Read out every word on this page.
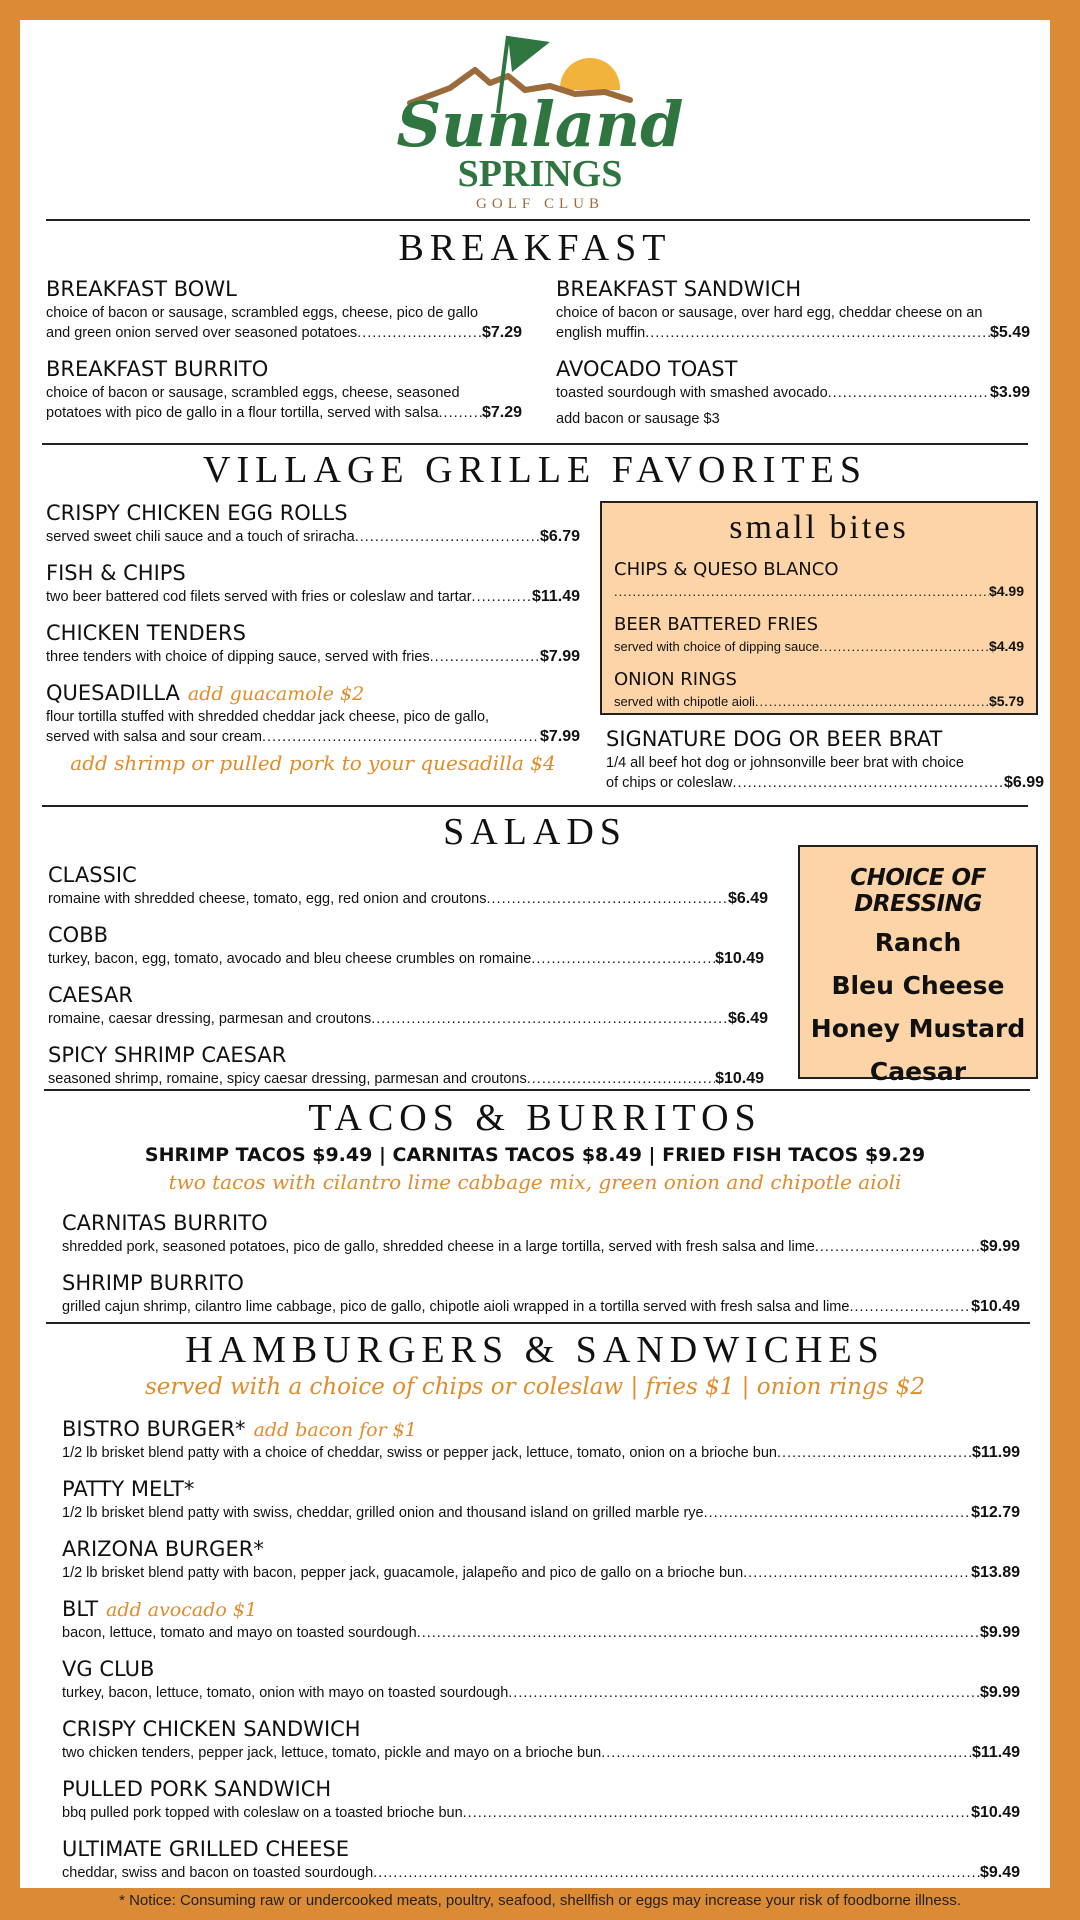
Sunland
SPRINGS
GOLF CLUB
BREAKFAST
BREAKFAST BOWL
choice of bacon or sausage, scrambled eggs, cheese, pico de gallo
and green onion served over seasoned potatoes .....	$7.29
BREAKFAST BURRITO
choice of bacon or sausage, scrambled eggs, cheese, seasoned
potatoes with pico de gallo in a flour tortilla, served with salsa .....	$7.29
BREAKFAST SANDWICH
choice of bacon or sausage, over hard egg, cheddar cheese on an
english muffin .....	$5.49
AVOCADO TOAST
toasted sourdough with smashed avocado .....	$3.99
add bacon or sausage $3
VILLAGE GRILLE FAVORITES
CRISPY CHICKEN EGG ROLLS
served sweet chili sauce and a touch of sriracha .....	$6.79
FISH & CHIPS
two beer battered cod filets served with fries or coleslaw and tartar .....	$11.49
CHICKEN TENDERS
three tenders with choice of dipping sauce, served with fries .....	$7.99
QUESADILLA add guacamole $2
flour tortilla stuffed with shredded cheddar jack cheese, pico de gallo,
served with salsa and sour cream .....	$7.99
add shrimp or pulled pork to your quesadilla $4
small bites
CHIPS & QUESO BLANCO
.....
$4.99
BEER BATTERED FRIES
served with choice of dipping sauce .....	$4.49
ONION RINGS
served with chipotle aioli .....	$5.79
SIGNATURE DOG OR BEER BRAT
1/4 all beef hot dog or johnsonville beer brat with choice
of chips or coleslaw .....	$6.99
SALADS
CLASSIC
romaine with shredded cheese, tomato, egg, red onion and croutons .....	$6.49
COBB
turkey, bacon, egg, tomato, avocado and bleu cheese crumbles on romaine .....	$10.49
CAESAR
romaine, caesar dressing, parmesan and croutons .....	$6.49
SPICY SHRIMP CAESAR
seasoned shrimp, romaine, spicy caesar dressing, parmesan and croutons .....	$10.49
CHOICE OF DRESSING
Ranch
Bleu Cheese
Honey Mustard
Caesar
TACOS & BURRITOS
SHRIMP TACOS $9.49 | CARNITAS TACOS $8.49 | FRIED FISH TACOS $9.29
two tacos with cilantro lime cabbage mix, green onion and chipotle aioli
CARNITAS BURRITO
shredded pork, seasoned potatoes, pico de gallo, shredded cheese in a large tortilla, served with fresh salsa and lime .....	$9.99
SHRIMP BURRITO
grilled cajun shrimp, cilantro lime cabbage, pico de gallo, chipotle aioli wrapped in a tortilla served with fresh salsa and lime .....	$10.49
HAMBURGERS & SANDWICHES
served with a choice of chips or coleslaw | fries $1 | onion rings $2
BISTRO BURGER* add bacon for $1
1/2 lb brisket blend patty with a choice of cheddar, swiss or pepper jack, lettuce, tomato, onion on a brioche bun .....	$11.99
PATTY MELT*
1/2 lb brisket blend patty with swiss, cheddar, grilled onion and thousand island on grilled marble rye .....	$12.79
ARIZONA BURGER*
1/2 lb brisket blend patty with bacon, pepper jack, guacamole, jalapeño and pico de gallo on a brioche bun .....	$13.89
BLT add avocado $1
bacon, lettuce, tomato and mayo on toasted sourdough .....	$9.99
VG CLUB
turkey, bacon, lettuce, tomato, onion with mayo on toasted sourdough .....	$9.99
CRISPY CHICKEN SANDWICH
two chicken tenders, pepper jack, lettuce, tomato, pickle and mayo on a brioche bun .....	$11.49
PULLED PORK SANDWICH
bbq pulled pork topped with coleslaw on a toasted brioche bun .....	$10.49
ULTIMATE GRILLED CHEESE
cheddar, swiss and bacon on toasted sourdough .....	$9.49
* Notice: Consuming raw or undercooked meats, poultry, seafood, shellfish or eggs may increase your risk of foodborne illness.
